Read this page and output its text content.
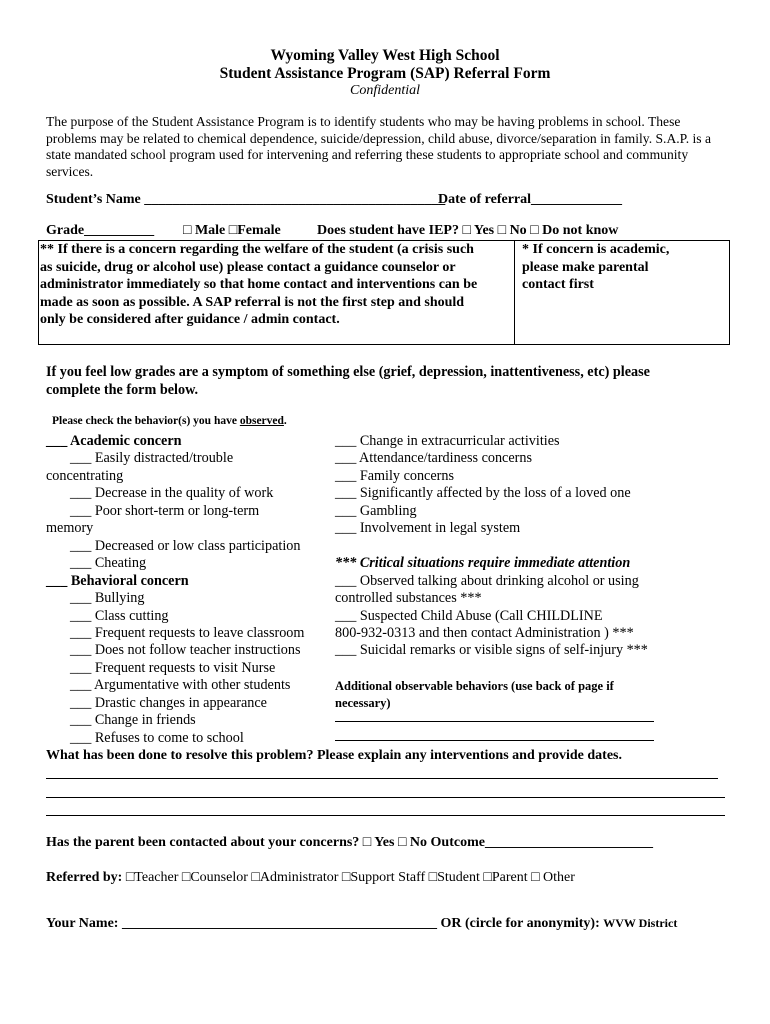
Wyoming Valley West High School
Student Assistance Program (SAP) Referral Form
Confidential
The purpose of the Student Assistance Program is to identify students who may be having problems in school. These problems may be related to chemical dependence, suicide/depression, child abuse, divorce/separation in family. S.A.P. is a state mandated school program used for intervening and referring these students to appropriate school and community services.
Student’s Name ___________________________________________
Date of referral_____________
Grade__________ □ Male □Female	Does student have IEP? □ Yes □ No □ Do not know
** If there is a concern regarding the welfare of the student (a crisis such
as suicide, drug or alcohol use) please contact a guidance counselor or
administrator immediately so that home contact and interventions can be
made as soon as possible. A SAP referral is not the first step and should
only be considered after guidance / admin contact.
* If concern is academic,
please make parental
contact first
If you feel low grades are a symptom of something else (grief, depression, inattentiveness, etc) please
complete the form below.
Please check the behavior(s) you have observed.
___ Academic concern
___ Easily distracted/trouble
concentrating
___ Decrease in the quality of work
___ Poor short-term or long-term
memory
___ Decreased or low class participation
___ Cheating
___ Behavioral concern
___ Bullying
___ Class cutting
___ Frequent requests to leave classroom
___ Does not follow teacher instructions
___ Frequent requests to visit Nurse
___ Argumentative with other students
___ Drastic changes in appearance
___ Change in friends
___ Refuses to come to school
___ Change in extracurricular activities
___ Attendance/tardiness concerns
___ Family concerns
___ Significantly affected by the loss of a loved one
___ Gambling
___ Involvement in legal system
*** Critical situations require immediate attention
___ Observed talking about drinking alcohol or using
controlled substances ***
___ Suspected Child Abuse (Call CHILDLINE
800-932-0313 and then contact Administration ) ***
___ Suicidal remarks or visible signs of self-injury ***
Additional observable behaviors (use back of page if
necessary)
What has been done to resolve this problem? Please explain any interventions and provide dates.
Has the parent been contacted about your concerns? □ Yes □ No Outcome________________________
Referred by: □Teacher □Counselor □Administrator □Support Staff □Student □Parent □ Other
Your Name: _____________________________________________ OR (circle for anonymity): WVW District
